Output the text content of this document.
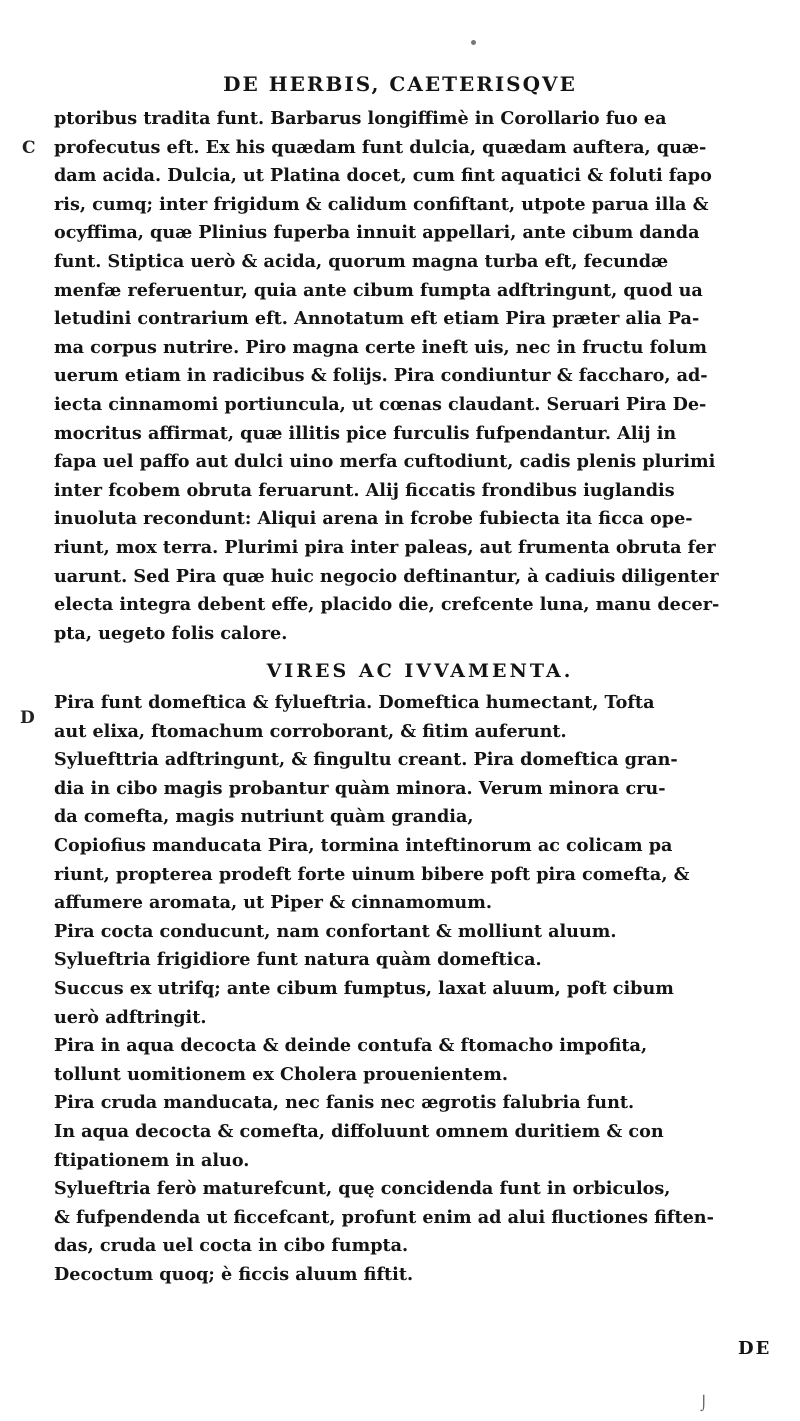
DE HERBIS, CAETERISQVE
C
D
ptoribus tradita funt. Barbarus longiffimè in Corollario fuo ea
profecutus eft. Ex his quædam funt dulcia, quædam auftera, quæ-
dam acida. Dulcia, ut Platina docet, cum fint aquatici & foluti fapo
ris, cumq; inter frigidum & calidum confiftant, utpote parua illa &
ocyffima, quæ Plinius fuperba innuit appellari, ante cibum danda
funt. Stiptica uerò & acida, quorum magna turba eft, fecundæ
menfæ referuentur, quia ante cibum fumpta adftringunt, quod ua
letudini contrarium eft. Annotatum eft etiam Pira præter alia Pa-
ma corpus nutrire. Piro magna certe ineft uis, nec in fructu folum
uerum etiam in radicibus & folijs. Pira condiuntur & faccharo, ad-
iecta cinnamomi portiuncula, ut cœnas claudant. Seruari Pira De-
mocritus affirmat, quæ illitis pice furculis fufpendantur. Alij in
fapa uel paffo aut dulci uino merfa cuftodiunt, cadis plenis plurimi
inter fcobem obruta feruarunt. Alij ficcatis frondibus iuglandis
inuoluta recondunt: Aliqui arena in fcrobe fubiecta ita ficca ope-
riunt, mox terra. Plurimi pira inter paleas, aut frumenta obruta fer
uarunt. Sed Pira quæ huic negocio deftinantur, à cadiuis diligenter
electa integra debent effe, placido die, crefcente luna, manu decer-
pta, uegeto folis calore.
VIRES AC IVVAMENTA.
Pira funt domeftica & fylueftria. Domeftica humectant, Tofta
aut elixa, ftomachum corroborant, & fitim auferunt.
Syluefttria adftringunt, & fingultu creant. Pira domeftica gran-
dia in cibo magis probantur quàm minora. Verum minora cru-
da comefta, magis nutriunt quàm grandia,
Copiofius manducata Pira, tormina inteftinorum ac colicam pa
riunt, propterea prodeft forte uinum bibere poft pira comefta, &
affumere aromata, ut Piper & cinnamomum.
Pira cocta conducunt, nam confortant & molliunt aluum.
Sylueftria frigidiore funt natura quàm domeftica.
Succus ex utrifq; ante cibum fumptus, laxat aluum, poft cibum
uerò adftringit.
Pira in aqua decocta & deinde contufa & ftomacho impofita,
tollunt uomitionem ex Cholera prouenientem.
Pira cruda manducata, nec fanis nec ægrotis falubria funt.
In aqua decocta & comefta, diffoluunt omnem duritiem & con
ftipationem in aluo.
Sylueftria ferò maturefcunt, quę concidenda funt in orbiculos,
& fufpendenda ut ficcefcant, profunt enim ad alui fluctiones fiften-
das, cruda uel cocta in cibo fumpta.
Decoctum quoq; è ficcis aluum fiftit.
DE
⌡
